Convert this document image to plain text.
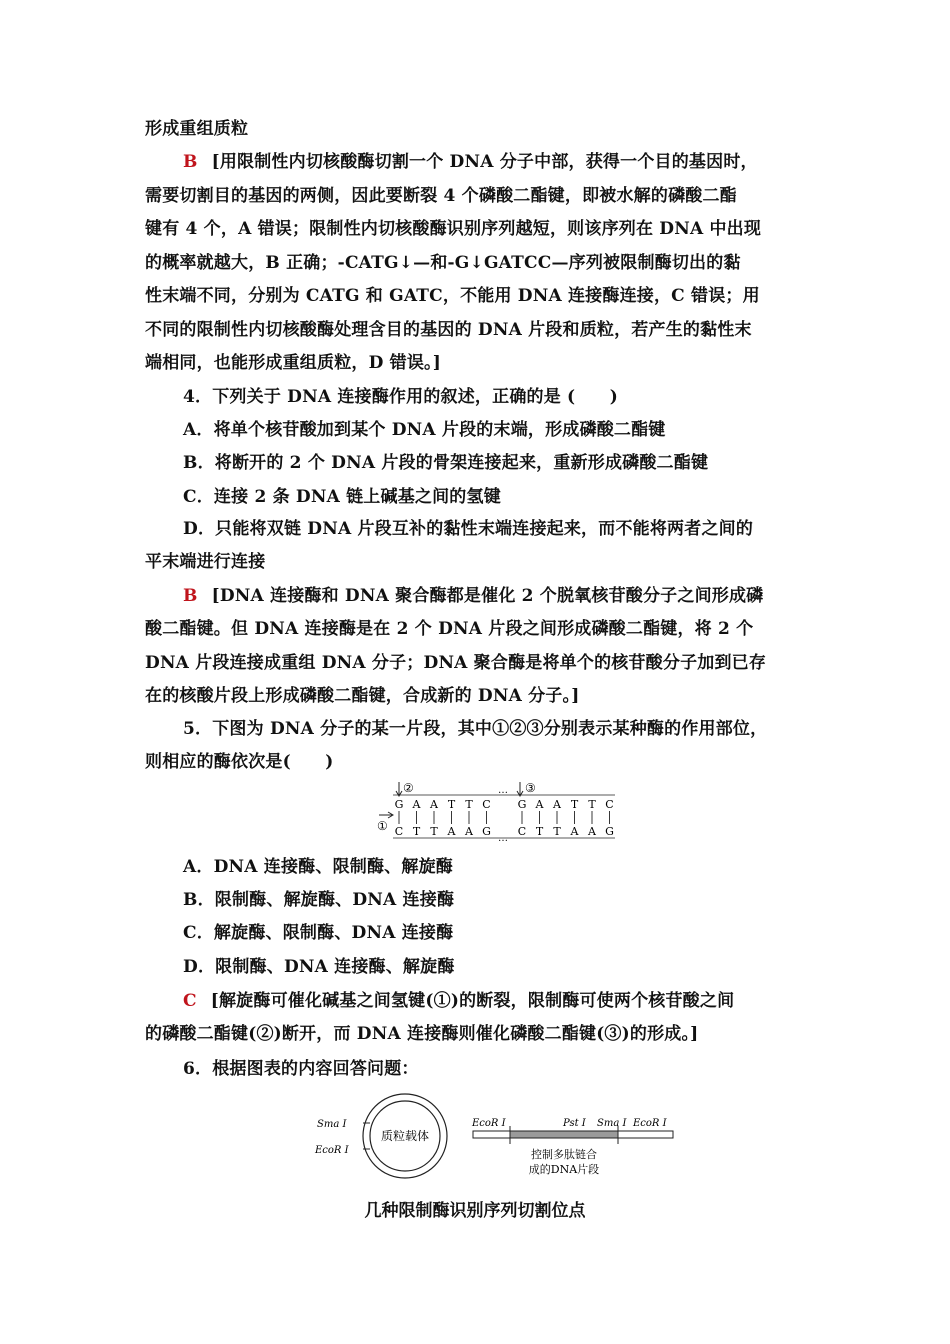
形成重组质粒
B [用限制性内切核酸酶切割一个 DNA 分子中部，获得一个目的基因时，
需要切割目的基因的两侧，因此要断裂 4 个磷酸二酯键，即被水解的磷酸二酯
键有 4 个，A 错误；限制性内切核酸酶识别序列越短，则该序列在 DNA 中出现
的概率就越大，B 正确；-CATG↓—和-G↓GATCC—序列被限制酶切出的黏
性末端不同，分别为 CATG 和 GATC，不能用 DNA 连接酶连接，C 错误；用
不同的限制性内切核酸酶处理含目的基因的 DNA 片段和质粒，若产生的黏性末
端相同，也能形成重组质粒，D 错误。]
4．下列关于 DNA 连接酶作用的叙述，正确的是 (　　)
A．将单个核苷酸加到某个 DNA 片段的末端，形成磷酸二酯键
B．将断开的 2 个 DNA 片段的骨架连接起来，重新形成磷酸二酯键
C．连接 2 条 DNA 链上碱基之间的氢键
D．只能将双链 DNA 片段互补的黏性末端连接起来，而不能将两者之间的
平末端进行连接
B [DNA 连接酶和 DNA 聚合酶都是催化 2 个脱氧核苷酸分子之间形成磷
酸二酯键。但 DNA 连接酶是在 2 个 DNA 片段之间形成磷酸二酯键，将 2 个
DNA 片段连接成重组 DNA 分子；DNA 聚合酶是将单个的核苷酸分子加到已存
在的核酸片段上形成磷酸二酯键，合成新的 DNA 分子。]
5．下图为 DNA 分子的某一片段，其中①②③分别表示某种酶的作用部位，
则相应的酶依次是(　　)
②	③
G A A T T C G A A T T C
C T T A A G C T T A A G
…
…
①
A．DNA 连接酶、限制酶、解旋酶
B．限制酶、解旋酶、DNA 连接酶
C．解旋酶、限制酶、DNA 连接酶
D．限制酶、DNA 连接酶、解旋酶
C [解旋酶可催化碱基之间氢键(①)的断裂，限制酶可使两个核苷酸之间
的磷酸二酯键(②)断开，而 DNA 连接酶则催化磷酸二酯键(③)的形成。]
6．根据图表的内容回答问题：
质粒载体
Sma Ⅰ
EcoR Ⅰ
EcoR Ⅰ	Pst Ⅰ Sma Ⅰ EcoR Ⅰ
控制多肽链合
成的DNA片段
几种限制酶识别序列切割位点
